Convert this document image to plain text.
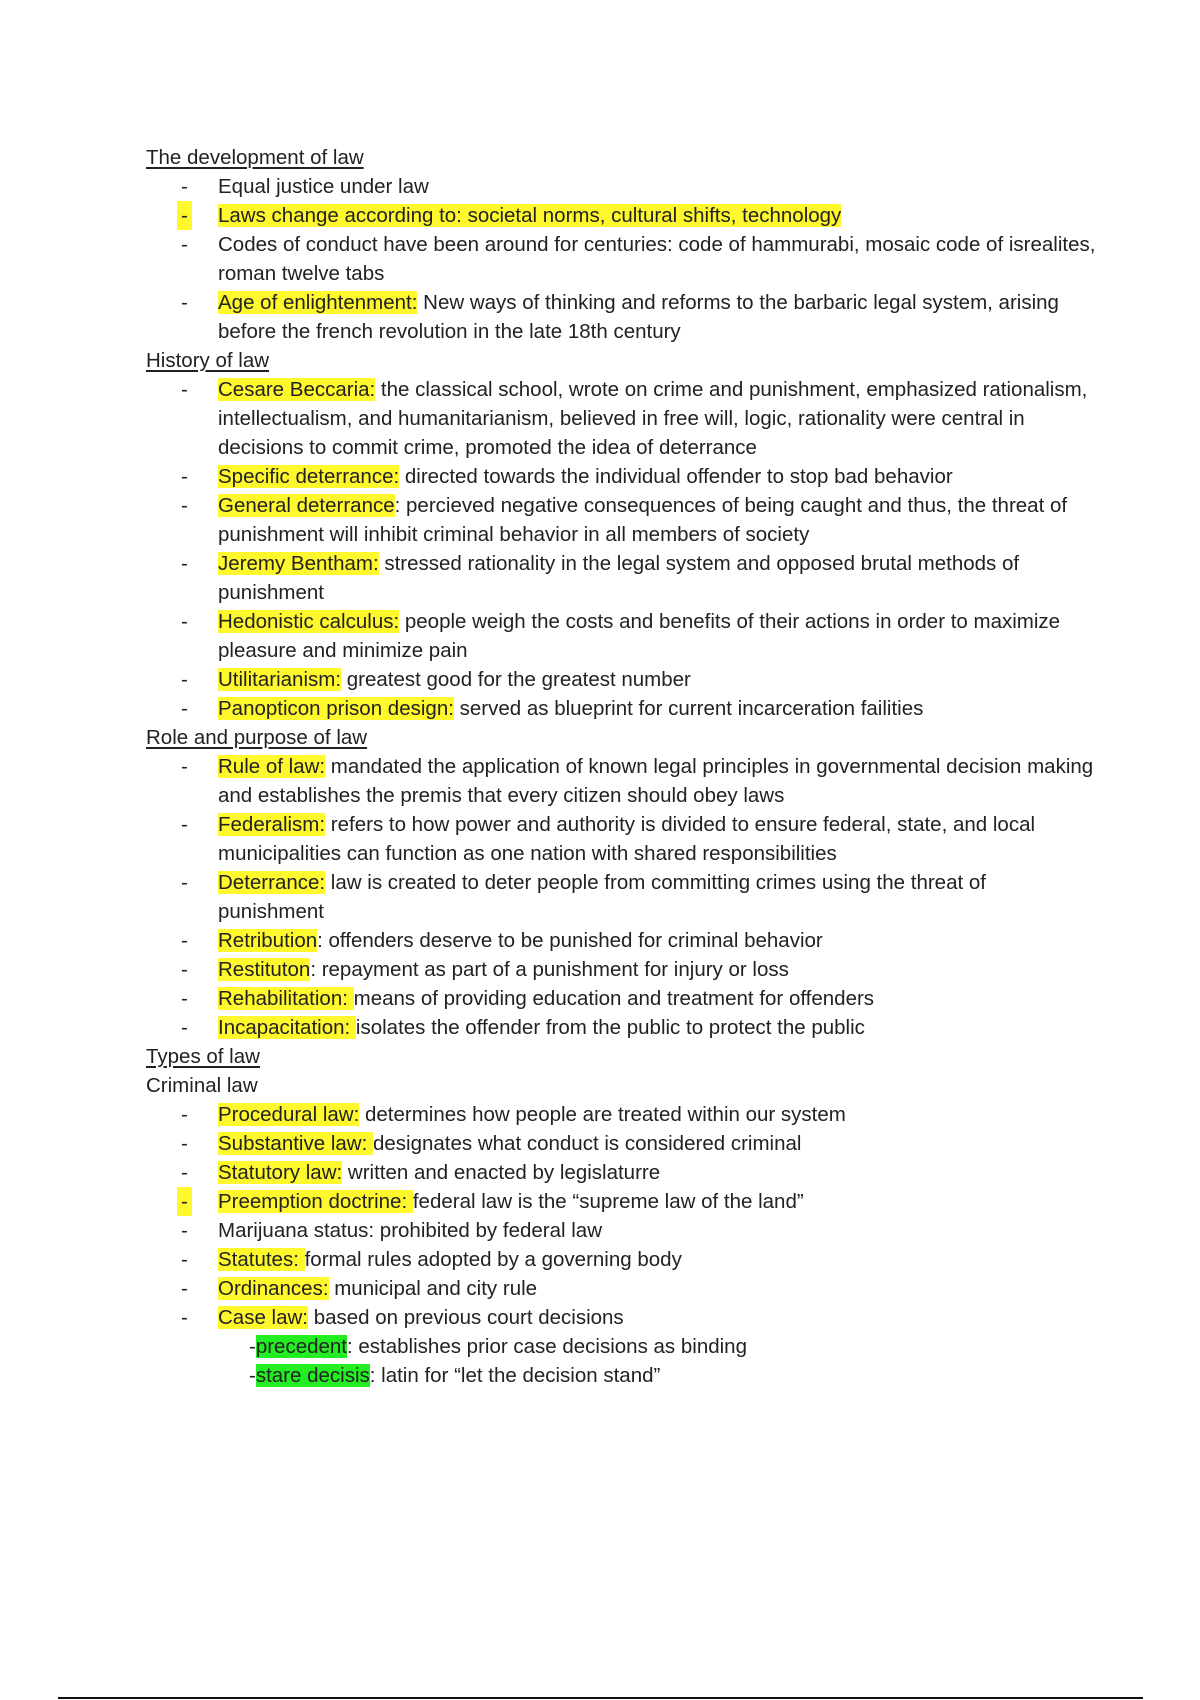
The development of law
- Equal justice under law
- Laws change according to: societal norms, cultural shifts, technology
- Codes of conduct have been around for centuries: code of hammurabi, mosaic code of isrealites, roman twelve tabs
- Age of enlightenment: New ways of thinking and reforms to the barbaric legal system, arising before the french revolution in the late 18th century
History of law
- Cesare Beccaria: the classical school, wrote on crime and punishment, emphasized rationalism, intellectualism, and humanitarianism, believed in free will, logic, rationality were central in decisions to commit crime, promoted the idea of deterrance
- Specific deterrance: directed towards the individual offender to stop bad behavior
- General deterrance: percieved negative consequences of being caught and thus, the threat of punishment will inhibit criminal behavior in all members of society
- Jeremy Bentham: stressed rationality in the legal system and opposed brutal methods of punishment
- Hedonistic calculus: people weigh the costs and benefits of their actions in order to maximize pleasure and minimize pain
- Utilitarianism: greatest good for the greatest number
- Panopticon prison design: served as blueprint for current incarceration failities
Role and purpose of law
- Rule of law: mandated the application of known legal principles in governmental decision making and establishes the premis that every citizen should obey laws
- Federalism: refers to how power and authority is divided to ensure federal, state, and local municipalities can function as one nation with shared responsibilities
- Deterrance: law is created to deter people from committing crimes using the threat of punishment
- Retribution: offenders deserve to be punished for criminal behavior
- Restituton: repayment as part of a punishment for injury or loss
- Rehabilitation: means of providing education and treatment for offenders
- Incapacitation: isolates the offender from the public to protect the public
Types of law
Criminal law
- Procedural law: determines how people are treated within our system
- Substantive law: designates what conduct is considered criminal
- Statutory law: written and enacted by legislaturre
- Preemption doctrine: federal law is the “supreme law of the land”
- Marijuana status: prohibited by federal law
- Statutes: formal rules adopted by a governing body
- Ordinances: municipal and city rule
- Case law: based on previous court decisions
-precedent: establishes prior case decisions as binding
-stare decisis: latin for “let the decision stand”
